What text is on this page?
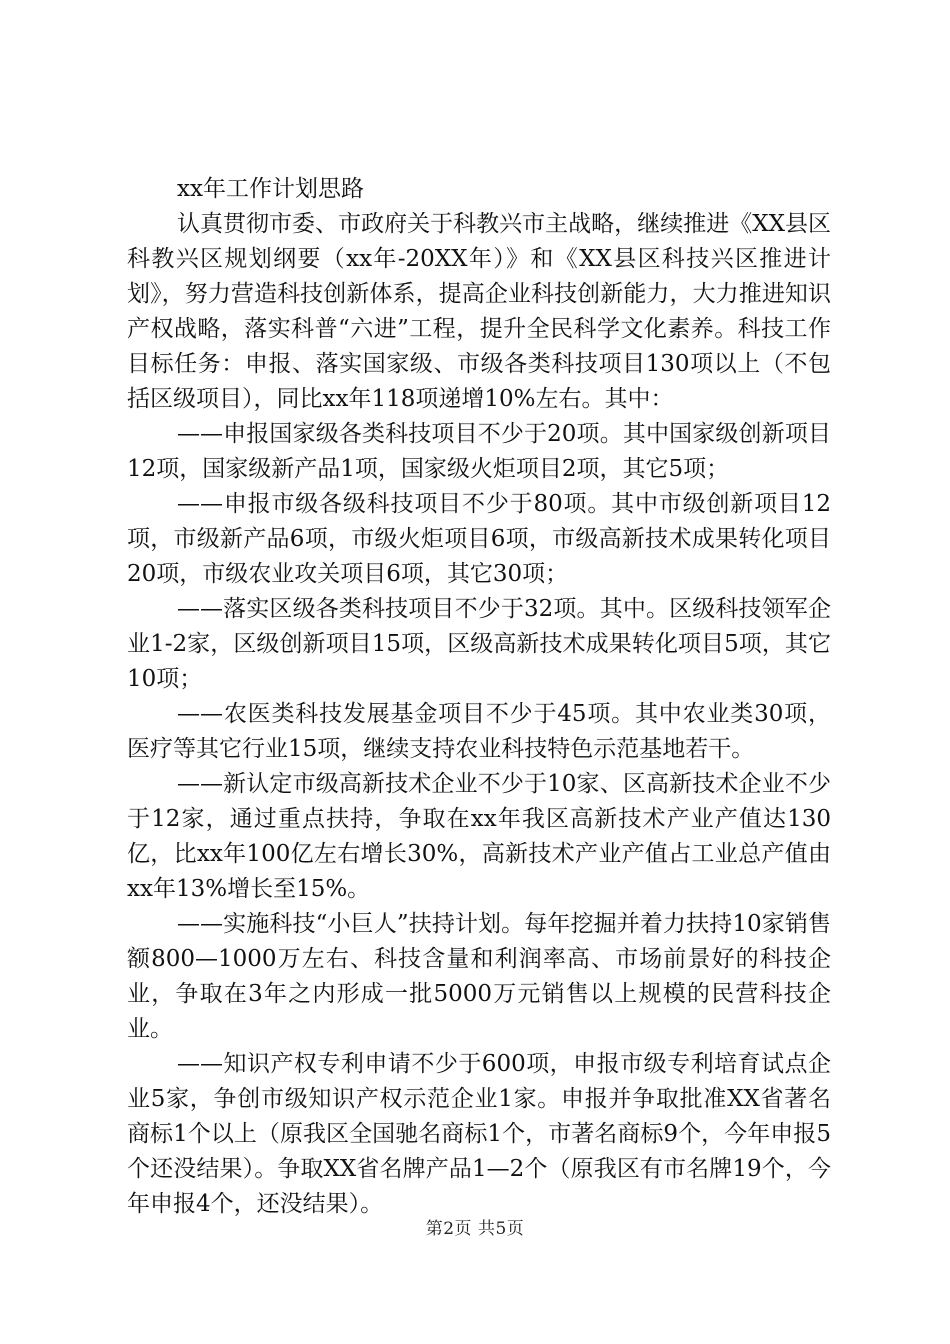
xx年工作计划思路

认真贯彻市委、市政府关于科教兴市主战略，继续推进《XX县区科教兴区规划纲要（xx年-20XX年）》和《XX县区科技兴区推进计划》，努力营造科技创新体系，提高企业科技创新能力，大力推进知识产权战略，落实科普“六进”工程，提升全民科学文化素养。科技工作目标任务：申报、落实国家级、市级各类科技项目130项以上（不包括区级项目），同比xx年118项递增10%左右。其中：

——申报国家级各类科技项目不少于20项。其中国家级创新项目12项，国家级新产品1项，国家级火炬项目2项，其它5项；

——申报市级各级科技项目不少于80项。其中市级创新项目12项，市级新产品6项，市级火炬项目6项，市级高新技术成果转化项目20项，市级农业攻关项目6项，其它30项；

——落实区级各类科技项目不少于32项。其中。区级科技领军企业1-2家，区级创新项目15项，区级高新技术成果转化项目5项，其它10项；

——农医类科技发展基金项目不少于45项。其中农业类30项，医疗等其它行业15项，继续支持农业科技特色示范基地若干。

——新认定市级高新技术企业不少于10家、区高新技术企业不少于12家，通过重点扶持，争取在xx年我区高新技术产业产值达130亿，比xx年100亿左右增长30%，高新技术产业产值占工业总产值由xx年13%增长至15%。

——实施科技“小巨人”扶持计划。每年挖掘并着力扶持10家销售额800—1000万左右、科技含量和利润率高、市场前景好的科技企业，争取在3年之内形成一批5000万元销售以上规模的民营科技企业。

——知识产权专利申请不少于600项，申报市级专利培育试点企业5家，争创市级知识产权示范企业1家。申报并争取批准XX省著名商标1个以上（原我区全国驰名商标1个，市著名商标9个，今年申报5个还没结果）。争取XX省名牌产品1—2个（原我区有市名牌19个，今年申报4个，还没结果）。

第2页 共5页
